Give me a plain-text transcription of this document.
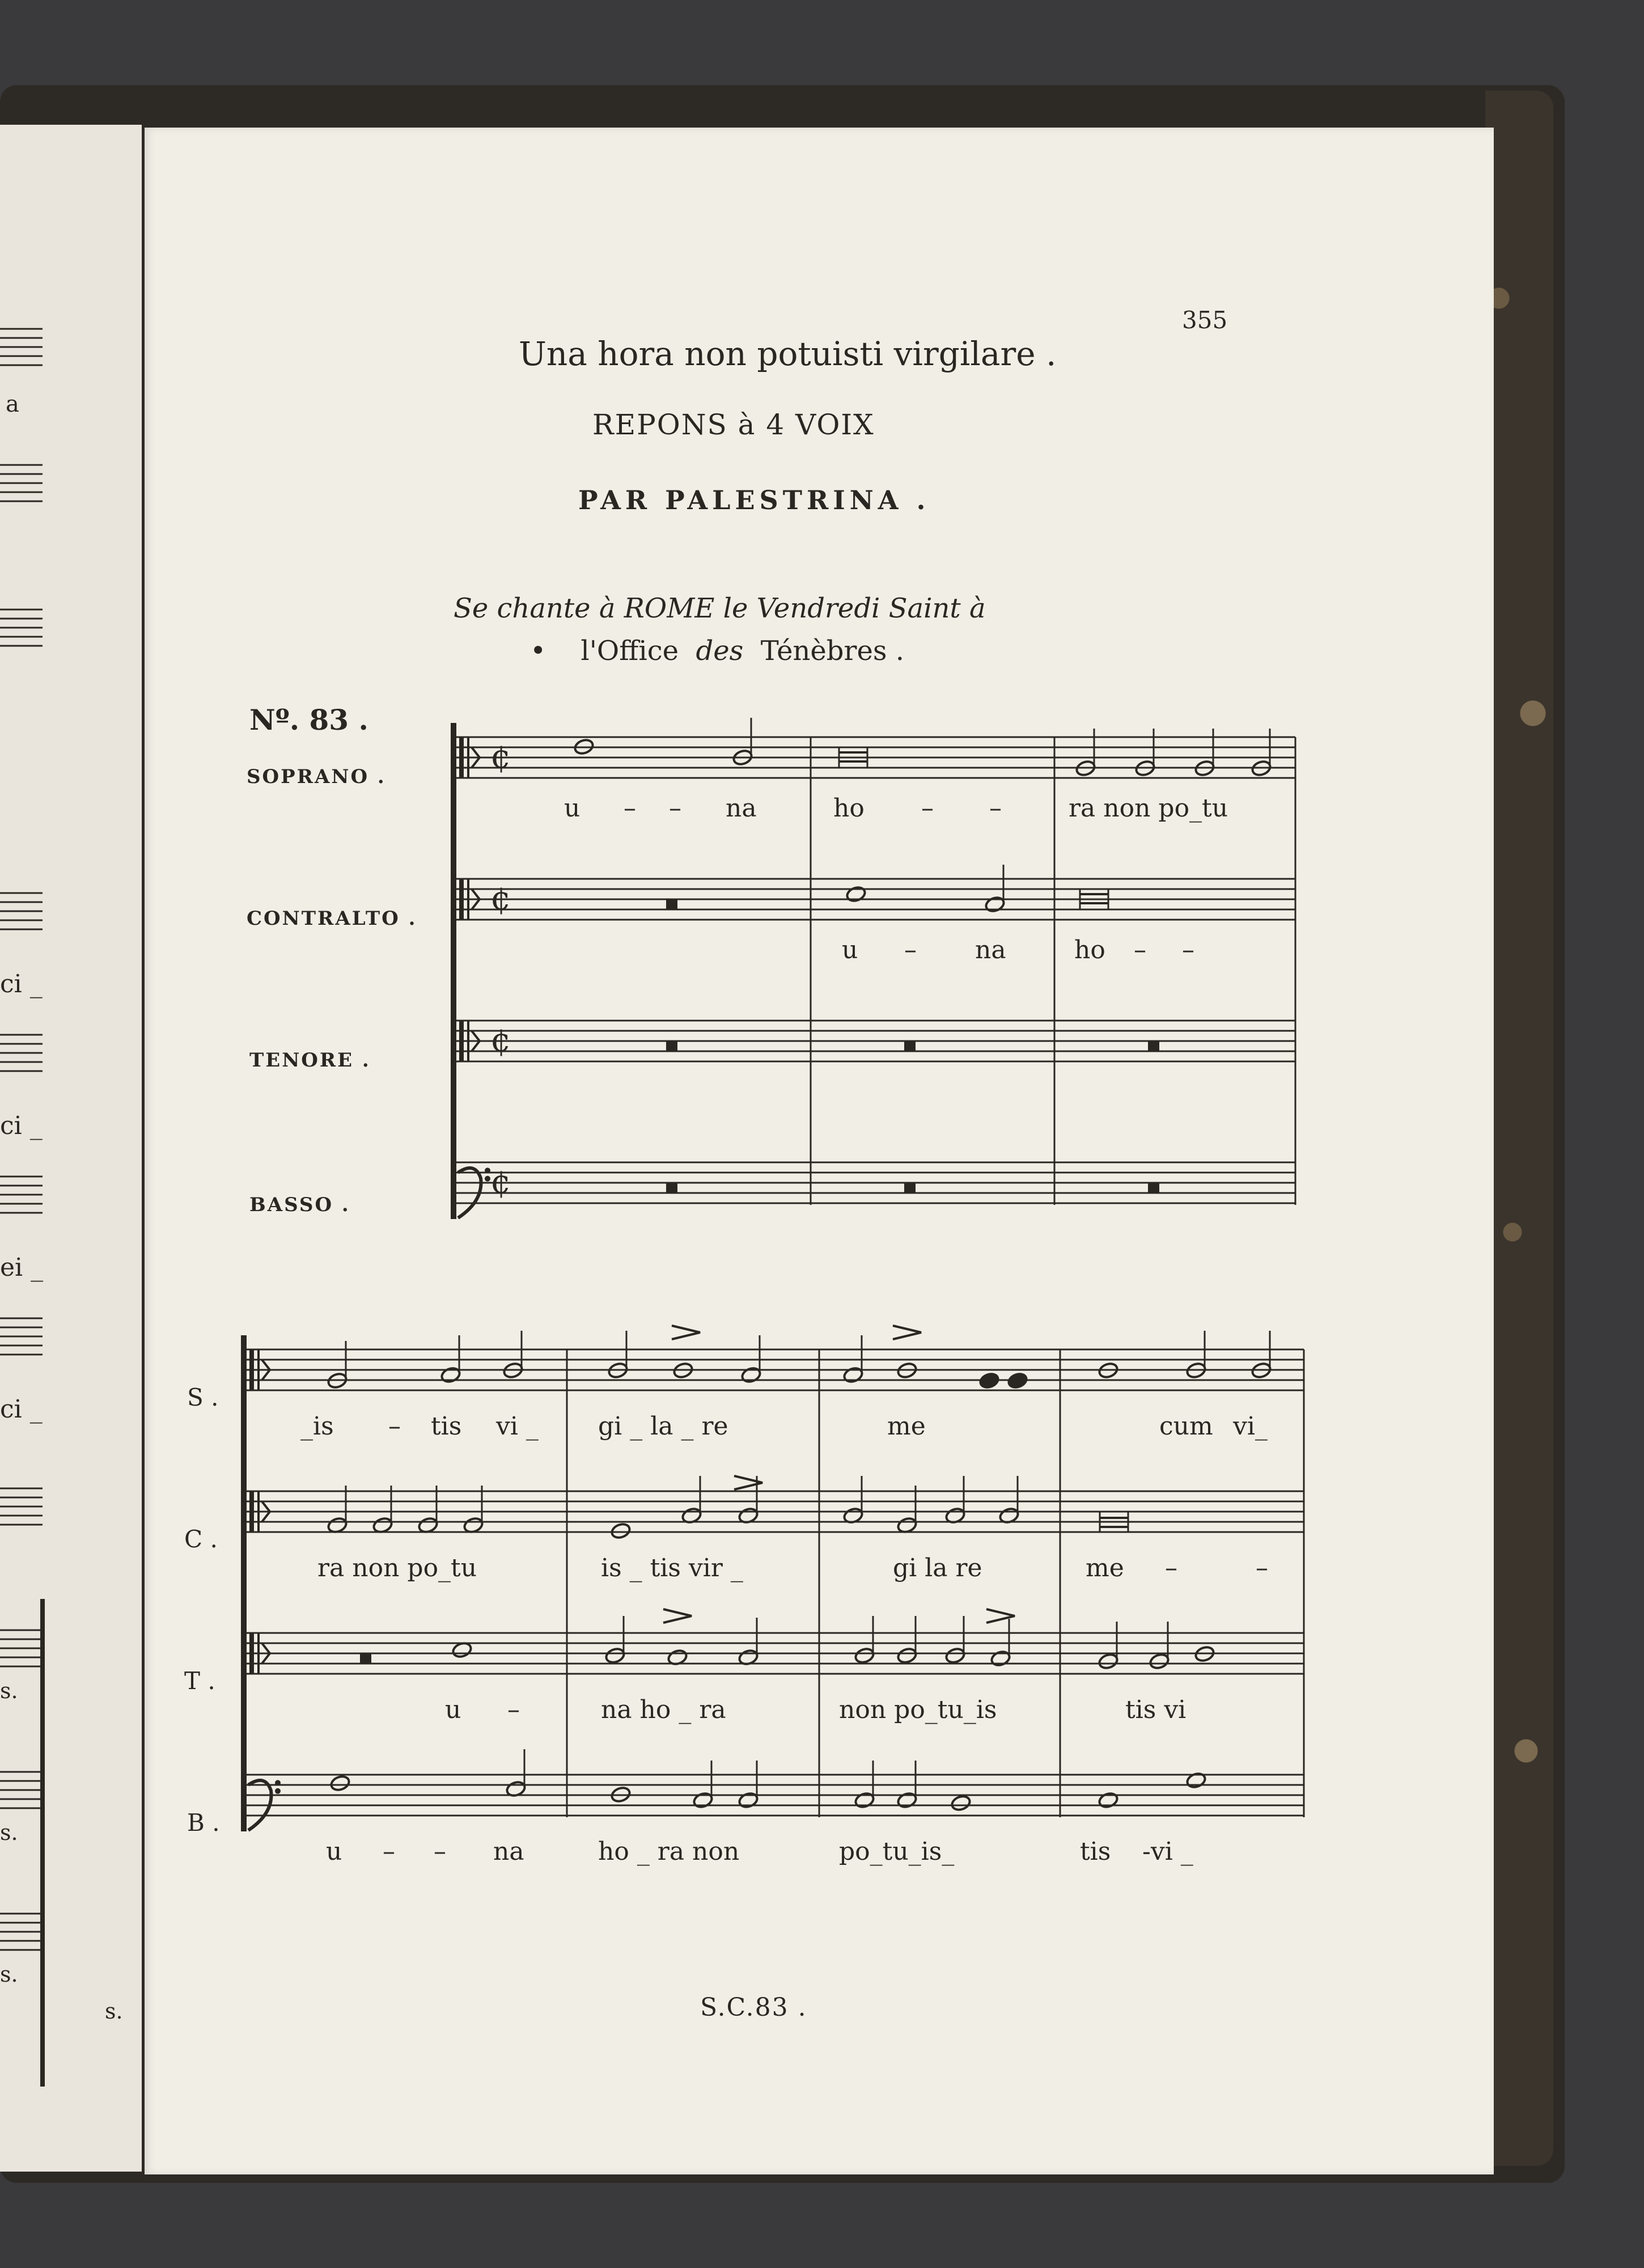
a
ci _
ci _
ei _
ci _
s.
s.
s.
s.
¢
¢
¢
¢
355
Una hora non potuisti virgilare .
REPONS à 4 VOIX
PAR PALESTRINA .
Se chante à ROME le Vendredi Saint à
• l'Office des Ténèbres .
Nº. 83 .
SOPRANO .
CONTRALTO .
TENORE .
BASSO .
u – – na	ho – –	ra non po_tu
u – na	ho – –
S .
C .
T .
B .
_is – tis vi _ gi _ la _ re	me	cum vi_
ra non po_tu	is _ tis vir _	gi la re	me –	–
u –	na ho _ ra	non po_tu_is	tis vi
u – – na	ho _ ra non	po_tu_is_	tis -vi _
S.C.83 .
